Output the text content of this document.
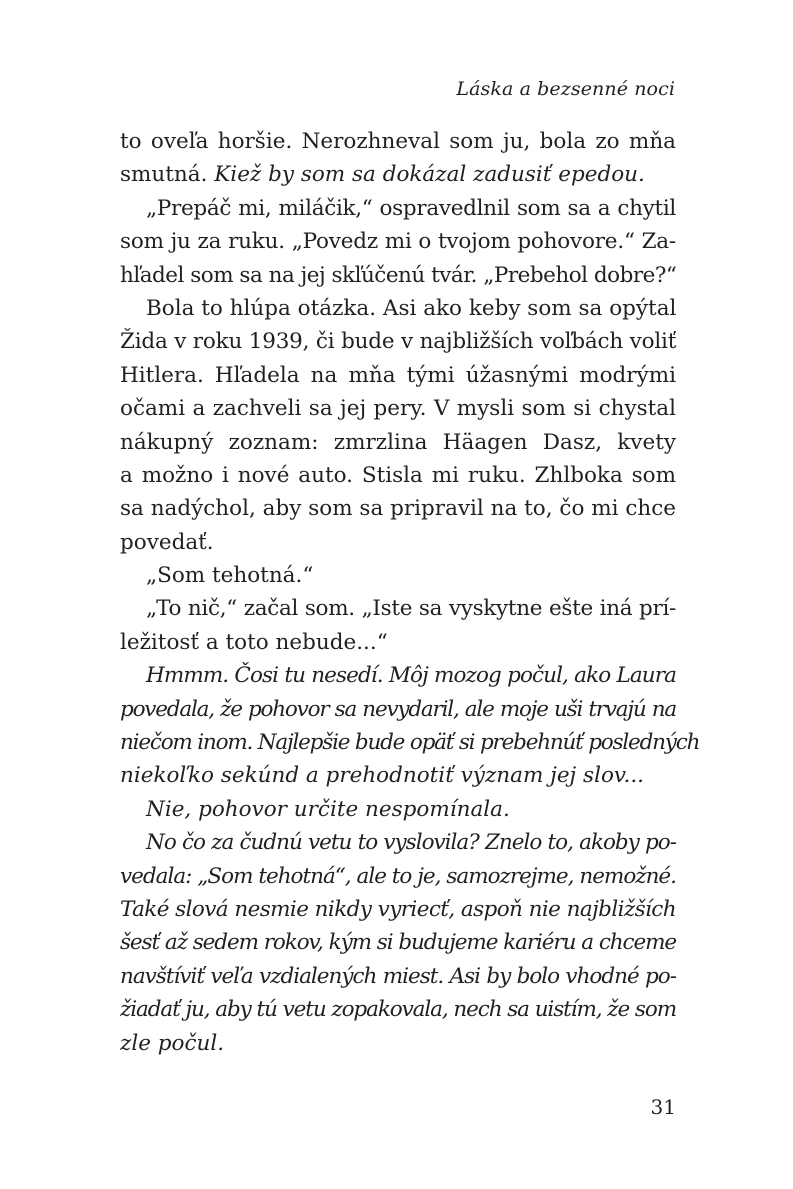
Láska a bezsenné noci
to oveľa horšie. Nerozhneval som ju, bola zo mňa
smutná. Kiež by som sa dokázal zadusiť epedou.
„Prepáč mi, miláčik,“ ospravedlnil som sa a chytil
som ju za ruku. „Povedz mi o tvojom pohovore.“ Za-
hľadel som sa na jej skľúčenú tvár. „Prebehol dobre?“
Bola to hlúpa otázka. Asi ako keby som sa opýtal
Žida v roku 1939, či bude v najbližších voľbách voliť
Hitlera. Hľadela na mňa tými úžasnými modrými
očami a zachveli sa jej pery. V mysli som si chystal
nákupný zoznam: zmrzlina Häagen Dasz, kvety
a možno i nové auto. Stisla mi ruku. Zhlboka som
sa nadýchol, aby som sa pripravil na to, čo mi chce
povedať.
„Som tehotná.“
„To nič,“ začal som. „Iste sa vyskytne ešte iná prí-
ležitosť a toto nebude...“
Hmmm. Čosi tu nesedí. Môj mozog počul, ako Laura
povedala, že pohovor sa nevydaril, ale moje uši trvajú na
niečom inom. Najlepšie bude opäť si prebehnúť posledných
niekoľko sekúnd a prehodnotiť význam jej slov...
Nie, pohovor určite nespomínala.
No čo za čudnú vetu to vyslovila? Znelo to, akoby po-
vedala: „Som tehotná“, ale to je, samozrejme, nemožné.
Také slová nesmie nikdy vyriecť, aspoň nie najbližších
šesť až sedem rokov, kým si budujeme kariéru a chceme
navštíviť veľa vzdialených miest. Asi by bolo vhodné po-
žiadať ju, aby tú vetu zopakovala, nech sa uistím, že som
zle počul.
31
